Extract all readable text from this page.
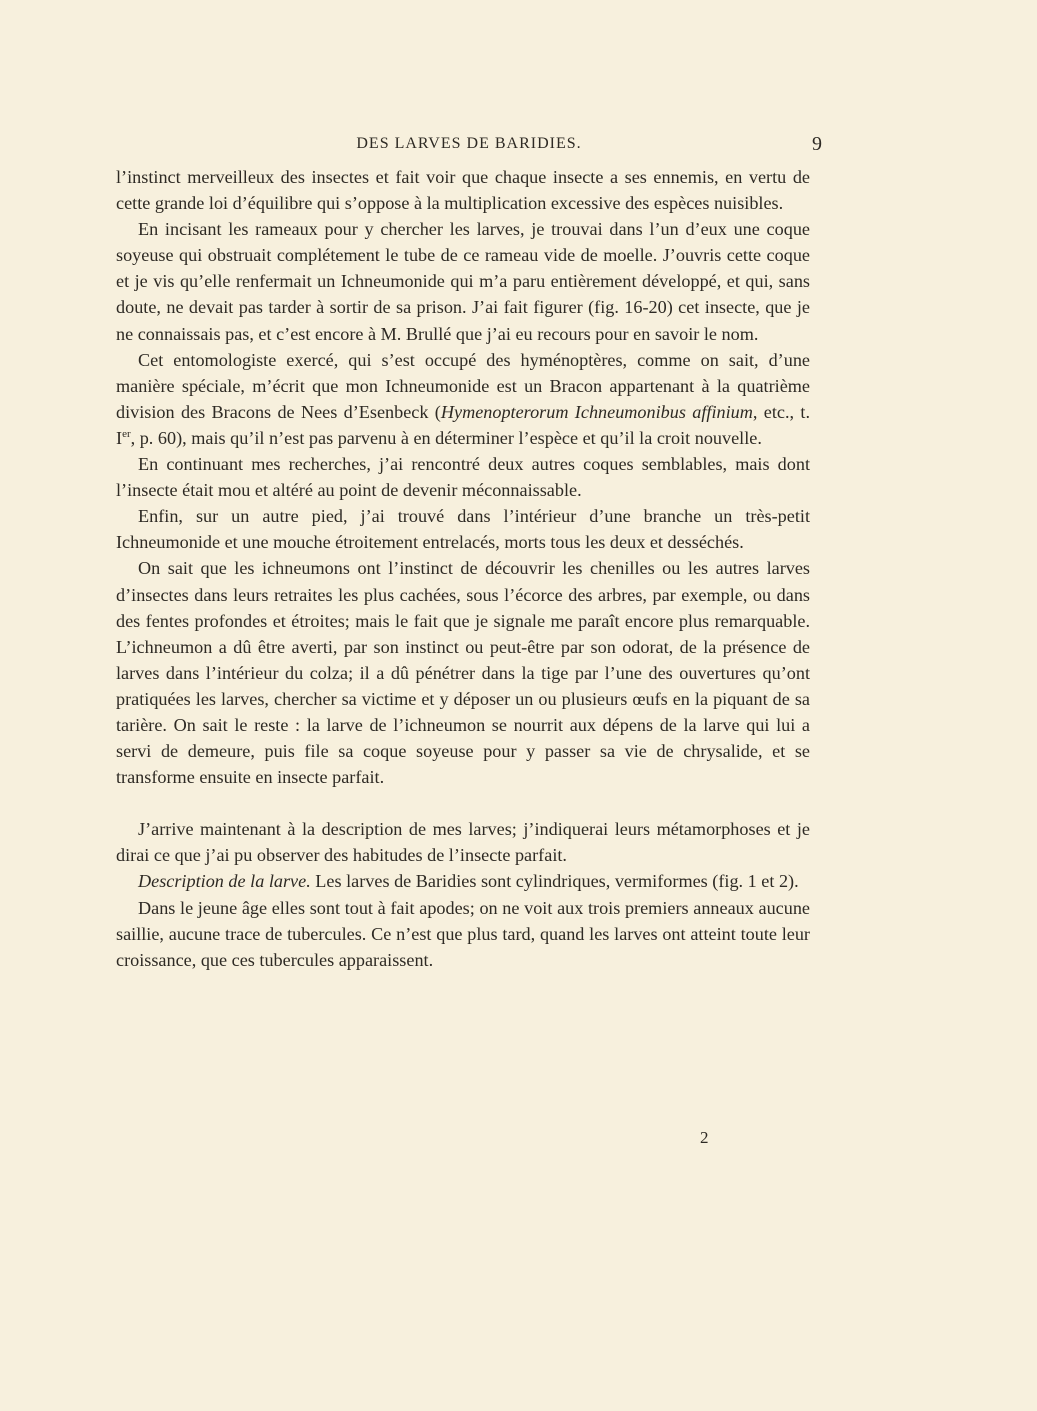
DES LARVES DE BARIDIES.	9

l’instinct merveilleux des insectes et fait voir que chaque insecte a ses ennemis, en vertu de cette grande loi d’équilibre qui s’oppose à la multiplication excessive des espèces nuisibles.

En incisant les rameaux pour y chercher les larves, je trouvai dans l’un d’eux une coque soyeuse qui obstruait complétement le tube de ce rameau vide de moelle. J’ouvris cette coque et je vis qu’elle renfermait un Ichneumonide qui m’a paru entièrement développé, et qui, sans doute, ne devait pas tarder à sortir de sa prison. J’ai fait figurer (fig. 16-20) cet insecte, que je ne connaissais pas, et c’est encore à M. Brullé que j’ai eu recours pour en savoir le nom.

Cet entomologiste exercé, qui s’est occupé des hyménoptères, comme on sait, d’une manière spéciale, m’écrit que mon Ichneumonide est un Bracon appartenant à la quatrième division des Bracons de Nees d’Esenbeck (Hymenopterorum Ichneumonibus affinium, etc., t. Ier, p. 60), mais qu’il n’est pas parvenu à en déterminer l’espèce et qu’il la croit nouvelle.

En continuant mes recherches, j’ai rencontré deux autres coques semblables, mais dont l’insecte était mou et altéré au point de devenir méconnaissable.

Enfin, sur un autre pied, j’ai trouvé dans l’intérieur d’une branche un très-petit Ichneumonide et une mouche étroitement entrelacés, morts tous les deux et desséchés.

On sait que les ichneumons ont l’instinct de découvrir les chenilles ou les autres larves d’insectes dans leurs retraites les plus cachées, sous l’écorce des arbres, par exemple, ou dans des fentes profondes et étroites; mais le fait que je signale me paraît encore plus remarquable. L’ichneumon a dû être averti, par son instinct ou peut-être par son odorat, de la présence de larves dans l’intérieur du colza; il a dû pénétrer dans la tige par l’une des ouvertures qu’ont pratiquées les larves, chercher sa victime et y déposer un ou plusieurs œufs en la piquant de sa tarière. On sait le reste : la larve de l’ichneumon se nourrit aux dépens de la larve qui lui a servi de demeure, puis file sa coque soyeuse pour y passer sa vie de chrysalide, et se transforme ensuite en insecte parfait.

J’arrive maintenant à la description de mes larves; j’indiquerai leurs métamorphoses et je dirai ce que j’ai pu observer des habitudes de l’insecte parfait.

Description de la larve. Les larves de Baridies sont cylindriques, vermiformes (fig. 1 et 2).

Dans le jeune âge elles sont tout à fait apodes; on ne voit aux trois premiers anneaux aucune saillie, aucune trace de tubercules. Ce n’est que plus tard, quand les larves ont atteint toute leur croissance, que ces tubercules apparaissent.

2
